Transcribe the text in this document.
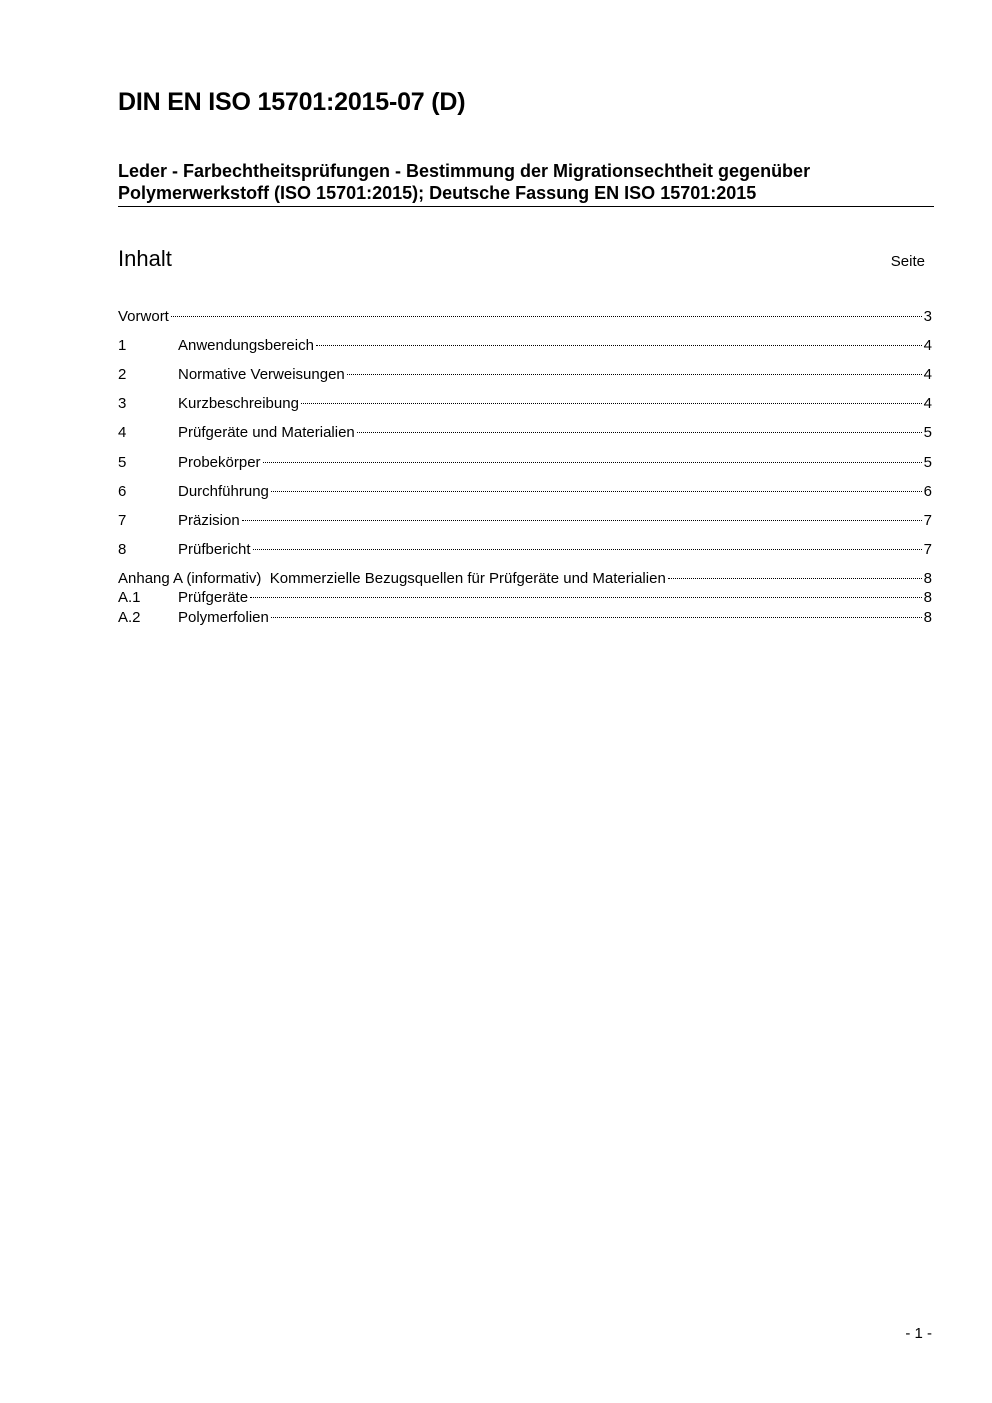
DIN EN ISO 15701:2015-07 (D)
Leder - Farbechtheitsprüfungen - Bestimmung der Migrationsechtheit gegenüber
Polymerwerkstoff (ISO 15701:2015); Deutsche Fassung EN ISO 15701:2015
Inhalt	Seite
Vorwort	3
1	Anwendungsbereich	4
2	Normative Verweisungen	4
3	Kurzbeschreibung	4
4	Prüfgeräte und Materialien	5
5	Probekörper	5
6	Durchführung	6
7	Präzision	7
8	Prüfbericht	7
Anhang A (informativ)  Kommerzielle Bezugsquellen für Prüfgeräte und Materialien	8
A.1	Prüfgeräte	8
A.2	Polymerfolien	8
- 1 -
